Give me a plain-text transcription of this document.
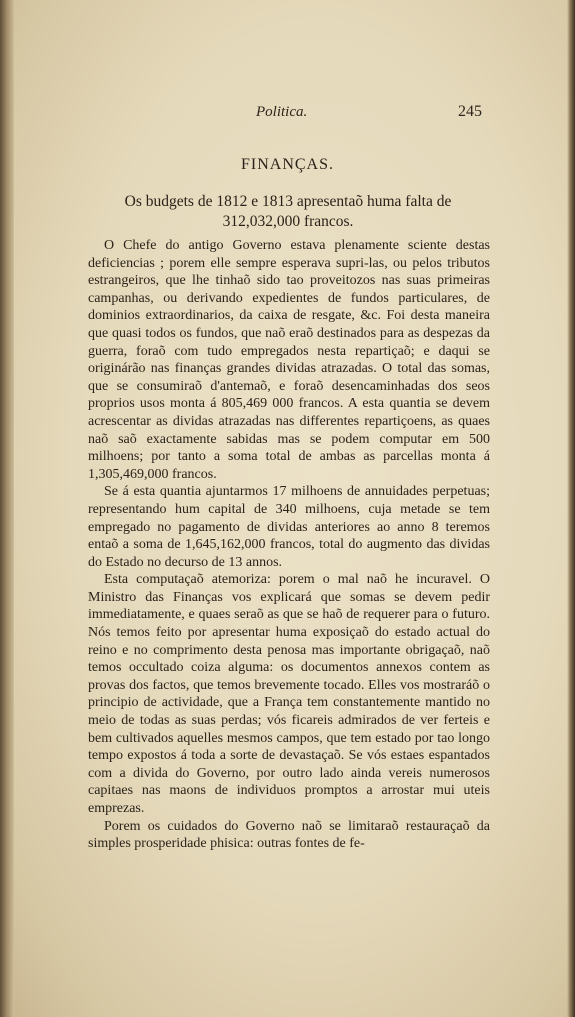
Politica.	245
FINANÇAS.
Os budgets de 1812 e 1813 apresentaõ huma falta de 312,032,000 francos.

O Chefe do antigo Governo estava plenamente sciente destas deficiencias ; porem elle sempre esperava supri-las, ou pelos tributos estrangeiros, que lhe tinhaõ sido tao proveitozos nas suas primeiras campanhas, ou derivando expedientes de fundos particulares, de dominios extraordinarios, da caixa de resgate, &c. Foi desta maneira que quasi todos os fundos, que naõ eraõ destinados para as despezas da guerra, foraõ com tudo empregados nesta repartiçaõ; e daqui se originárão nas finanças grandes dividas atrazadas. O total das somas, que se consumiraõ d'antemaõ, e foraõ desencaminhadas dos seos proprios usos monta á 805,469 000 francos. A esta quantia se devem acrescentar as dividas atrazadas nas differentes repartiçoens, as quaes naõ saõ exactamente sabidas mas se podem computar em 500 milhoens; por tanto a soma total de ambas as parcellas monta á 1,305,469,000 francos.

Se á esta quantia ajuntarmos 17 milhoens de annuidades perpetuas; representando hum capital de 340 milhoens, cuja metade se tem empregado no pagamento de dividas anteriores ao anno 8 teremos entaõ a soma de 1,645,162,000 francos, total do augmento das dividas do Estado no decurso de 13 annos.

Esta computaçaõ atemoriza: porem o mal naõ he incuravel. O Ministro das Finanças vos explicará que somas se devem pedir immediatamente, e quaes seraõ as que se haõ de requerer para o futuro. Nós temos feito por apresentar huma exposiçaõ do estado actual do reino e no comprimento desta penosa mas importante obrigaçaõ, naõ temos occultado coiza alguma: os documentos annexos contem as provas dos factos, que temos brevemente tocado. Elles vos mostraráõ o principio de actividade, que a França tem constantemente mantido no meio de todas as suas perdas; vós ficareis admirados de ver ferteis e bem cultivados aquelles mesmos campos, que tem estado por tao longo tempo expostos á toda a sorte de devastaçaõ. Se vós estaes espantados com a divida do Governo, por outro lado ainda vereis numerosos capitaes nas maons de individuos promptos a arrostar mui uteis emprezas.

Porem os cuidados do Governo naõ se limitaraõ restauraçaõ da simples prosperidade phisica: outras fontes de fe-
